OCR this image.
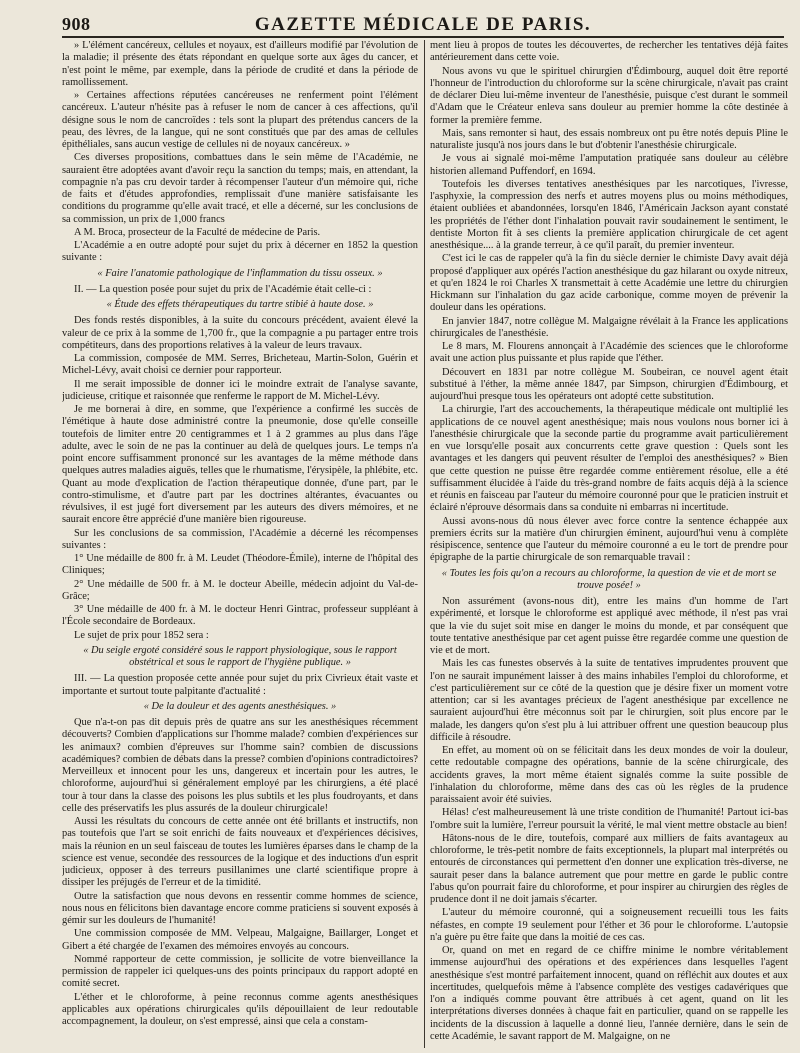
908	GAZETTE MÉDICALE DE PARIS.

» L'élément cancéreux, cellules et noyaux, est d'ailleurs modifié par l'évolution de la maladie; il présente des états répondant en quelque sorte aux âges du cancer, et n'est point le même, par exemple, dans la période de crudité et dans la période de ramollissement.

» Certaines affections réputées cancéreuses ne renferment point l'élément cancéreux. L'auteur n'hésite pas à refuser le nom de cancer à ces affections, qu'il désigne sous le nom de cancroïdes : tels sont la plupart des prétendus cancers de la peau, des lèvres, de la langue, qui ne sont constitués que par des amas de cellules épithéliales, sans aucun vestige de cellules ni de noyaux cancéreux. »

Ces diverses propositions, combattues dans le sein même de l'Académie, ne sauraient être adoptées avant d'avoir reçu la sanction du temps; mais, en attendant, la compagnie n'a pas cru devoir tarder à récompenser l'auteur d'un mémoire qui, riche de faits et d'études approfondies, remplissait d'une manière satisfaisante les conditions du programme qu'elle avait tracé, et elle a décerné, sur les conclusions de sa commission, un prix de 1,000 francs

A M. Broca, prosecteur de la Faculté de médecine de Paris.

L'Académie a en outre adopté pour sujet du prix à décerner en 1852 la question suivante :

« Faire l'anatomie pathologique de l'inflammation du tissu osseux. »

II. — La question posée pour sujet du prix de l'Académie était celle-ci :

« Étude des effets thérapeutiques du tartre stibié à haute dose. »

Des fonds restés disponibles, à la suite du concours précédent, avaient élevé la valeur de ce prix à la somme de 1,700 fr., que la compagnie a pu partager entre trois compétiteurs, dans des proportions relatives à la valeur de leurs travaux.

La commission, composée de MM. Serres, Bricheteau, Martin-Solon, Guérin et Michel-Lévy, avait choisi ce dernier pour rapporteur.

Il me serait impossible de donner ici le moindre extrait de l'analyse savante, judicieuse, critique et raisonnée que renferme le rapport de M. Michel-Lévy.

Je me bornerai à dire, en somme, que l'expérience a confirmé les succès de l'émétique à haute dose administré contre la pneumonie, dose qu'elle conseille toutefois de limiter entre 20 centigrammes et 1 à 2 grammes au plus dans l'âge adulte, avec le soin de ne pas la continuer au delà de quelques jours. Le temps n'a point encore suffisamment prononcé sur les avantages de la même méthode dans quelques autres maladies aiguës, telles que le rhumatisme, l'érysipèle, la phlébite, etc. Quant au mode d'explication de l'action thérapeutique donnée, d'une part, par le contro-stimulisme, et d'autre part par les doctrines altérantes, évacuantes ou révulsives, il est jugé fort diversement par les auteurs des divers mémoires, et ne saurait encore être apprécié d'une manière bien rigoureuse.

Sur les conclusions de sa commission, l'Académie a décerné les récompenses suivantes :

1° Une médaille de 800 fr. à M. Leudet (Théodore-Émile), interne de l'hôpital des Cliniques;

2° Une médaille de 500 fr. à M. le docteur Abeille, médecin adjoint du Val-de-Grâce;

3° Une médaille de 400 fr. à M. le docteur Henri Gintrac, professeur suppléant à l'École secondaire de Bordeaux.

Le sujet de prix pour 1852 sera :

« Du seigle ergoté considéré sous le rapport physiologique, sous le rapport obstétrical et sous le rapport de l'hygiène publique. »

III. — La question proposée cette année pour sujet du prix Civrieux était vaste et importante et surtout toute palpitante d'actualité :

« De la douleur et des agents anesthésiques. »

Que n'a-t-on pas dit depuis près de quatre ans sur les anesthésiques récemment découverts? Combien d'applications sur l'homme malade? combien d'expériences sur les animaux? combien d'épreuves sur l'homme sain? combien de discussions académiques? combien de débats dans la presse? combien d'opinions contradictoires? Merveilleux et innocent pour les uns, dangereux et incertain pour les autres, le chloroforme, aujourd'hui si généralement employé par les chirurgiens, a été placé tour à tour dans la classe des poisons les plus subtils et les plus foudroyants, et dans celle des préservatifs les plus assurés de la douleur chirurgicale!

Aussi les résultats du concours de cette année ont été brillants et instructifs, non pas toutefois que l'art se soit enrichi de faits nouveaux et d'expériences décisives, mais la réunion en un seul faisceau de toutes les lumières éparses dans le champ de la science est venue, secondée des ressources de la logique et des inductions d'un esprit judicieux, opposer à des terreurs pusillanimes une clarté scientifique propre à dissiper les préjugés de l'erreur et de la timidité.

Outre la satisfaction que nous devons en ressentir comme hommes de science, nous nous en félicitons bien davantage encore comme praticiens si souvent exposés à gémir sur les douleurs de l'humanité!

Une commission composée de MM. Velpeau, Malgaigne, Baillarger, Longet et Gibert a été chargée de l'examen des mémoires envoyés au concours.

Nommé rapporteur de cette commission, je sollicite de votre bienveillance la permission de rappeler ici quelques-uns des points principaux du rapport adopté en comité secret.

L'éther et le chloroforme, à peine reconnus comme agents anesthésiques applicables aux opérations chirurgicales qu'ils dépouillaient de leur redoutable accompagnement, la douleur, on s'est empressé, ainsi que cela a constam-

ment lieu à propos de toutes les découvertes, de rechercher les tentatives déjà faites antérieurement dans cette voie.

Nous avons vu que le spirituel chirurgien d'Édimbourg, auquel doit être reporté l'honneur de l'introduction du chloroforme sur la scène chirurgicale, n'avait pas craint de déclarer Dieu lui-même inventeur de l'anesthésie, puisque c'est durant le sommeil d'Adam que le Créateur enleva sans douleur au premier homme la côte destinée à former la première femme.

Mais, sans remonter si haut, des essais nombreux ont pu être notés depuis Pline le naturaliste jusqu'à nos jours dans le but d'obtenir l'anesthésie chirurgicale.

Je vous ai signalé moi-même l'amputation pratiquée sans douleur au célèbre historien allemand Puffendorf, en 1694.

Toutefois les diverses tentatives anesthésiques par les narcotiques, l'ivresse, l'asphyxie, la compression des nerfs et autres moyens plus ou moins méthodiques, étaient oubliées et abandonnées, lorsqu'en 1846, l'Américain Jackson ayant constaté les propriétés de l'éther dont l'inhalation pouvait ravir soudainement le sentiment, le dentiste Morton fit à ses clients la première application chirurgicale de cet agent anesthésique.... à la grande terreur, à ce qu'il paraît, du premier inventeur.

C'est ici le cas de rappeler qu'à la fin du siècle dernier le chimiste Davy avait déjà proposé d'appliquer aux opérés l'action anesthésique du gaz hilarant ou oxyde nitreux, et qu'en 1824 le roi Charles X transmettait à cette Académie une lettre du chirurgien Hickmann sur l'inhalation du gaz acide carbonique, comme moyen de prévenir la douleur dans les opérations.

En janvier 1847, notre collègue M. Malgaigne révélait à la France les applications chirurgicales de l'anesthésie.

Le 8 mars, M. Flourens annonçait à l'Académie des sciences que le chloroforme avait une action plus puissante et plus rapide que l'éther.

Découvert en 1831 par notre collègue M. Soubeiran, ce nouvel agent était substitué à l'éther, la même année 1847, par Simpson, chirurgien d'Édimbourg, et aujourd'hui presque tous les opérateurs ont adopté cette substitution.

La chirurgie, l'art des accouchements, la thérapeutique médicale ont multiplié les applications de ce nouvel agent anesthésique; mais nous voulons nous borner ici à l'anesthésie chirurgicale que la seconde partie du programme avait particulièrement en vue lorsqu'elle posait aux concurrents cette grave question : Quels sont les avantages et les dangers qui peuvent résulter de l'emploi des anesthésiques? » Bien que cette question ne puisse être regardée comme entièrement résolue, elle a été suffisamment élucidée à l'aide du très-grand nombre de faits acquis déjà à la science et réunis en faisceau par l'auteur du mémoire couronné pour que le praticien instruit et éclairé n'éprouve désormais dans sa conduite ni embarras ni incertitude.

Aussi avons-nous dû nous élever avec force contre la sentence échappée aux premiers écrits sur la matière d'un chirurgien éminent, aujourd'hui venu à complète résipiscence, sentence que l'auteur du mémoire couronné a eu le tort de prendre pour épigraphe de la partie chirurgicale de son remarquable travail :

« Toutes les fois qu'on a recours au chloroforme, la question de vie et de mort se trouve posée! »

Non assurément (avons-nous dit), entre les mains d'un homme de l'art expérimenté, et lorsque le chloroforme est appliqué avec méthode, il n'est pas vrai que la vie du sujet soit mise en danger le moins du monde, et par conséquent que toute tentative anesthésique par cet agent puisse être regardée comme une question de vie et de mort.

Mais les cas funestes observés à la suite de tentatives imprudentes prouvent que l'on ne saurait impunément laisser à des mains inhabiles l'emploi du chloroforme, et c'est particulièrement sur ce côté de la question que je désire fixer un moment votre attention; car si les avantages précieux de l'agent anesthésique par excellence ne sauraient aujourd'hui être méconnus soit par le chirurgien, soit plus encore par le malade, les dangers qu'on s'est plu à lui attribuer offrent une question beaucoup plus difficile à résoudre.

En effet, au moment où on se félicitait dans les deux mondes de voir la douleur, cette redoutable compagne des opérations, bannie de la scène chirurgicale, des accidents graves, la mort même étaient signalés comme la suite possible de l'inhalation du chloroforme, même dans des cas où les règles de la prudence paraissaient avoir été suivies.

Hélas! c'est malheureusement là une triste condition de l'humanité! Partout ici-bas l'ombre suit la lumière, l'erreur poursuit la vérité, le mal vient mettre obstacle au bien!

Hâtons-nous de le dire, toutefois, comparé aux milliers de faits avantageux au chloroforme, le très-petit nombre de faits exceptionnels, la plupart mal interprétés ou entourés de circonstances qui permettent d'en donner une explication très-diverse, ne saurait peser dans la balance autrement que pour mettre en garde le public contre l'abus qu'on pourrait faire du chloroforme, et pour inspirer au chirurgien des règles de prudence dont il ne doit jamais s'écarter.

L'auteur du mémoire couronné, qui a soigneusement recueilli tous les faits néfastes, en compte 19 seulement pour l'éther et 36 pour le chloroforme. L'autopsie n'a guère pu être faite que dans la moitié de ces cas.

Or, quand on met en regard de ce chiffre minime le nombre véritablement immense aujourd'hui des opérations et des expériences dans lesquelles l'agent anesthésique s'est montré parfaitement innocent, quand on réfléchit aux doutes et aux incertitudes, quelquefois même à l'absence complète des vestiges cadavériques que l'on a indiqués comme pouvant être attribués à cet agent, quand on lit les interprétations diverses données à chaque fait en particulier, quand on se rappelle les incidents de la discussion à laquelle a donné lieu, l'année dernière, dans le sein de cette Académie, le savant rapport de M. Malgaigne, on ne
